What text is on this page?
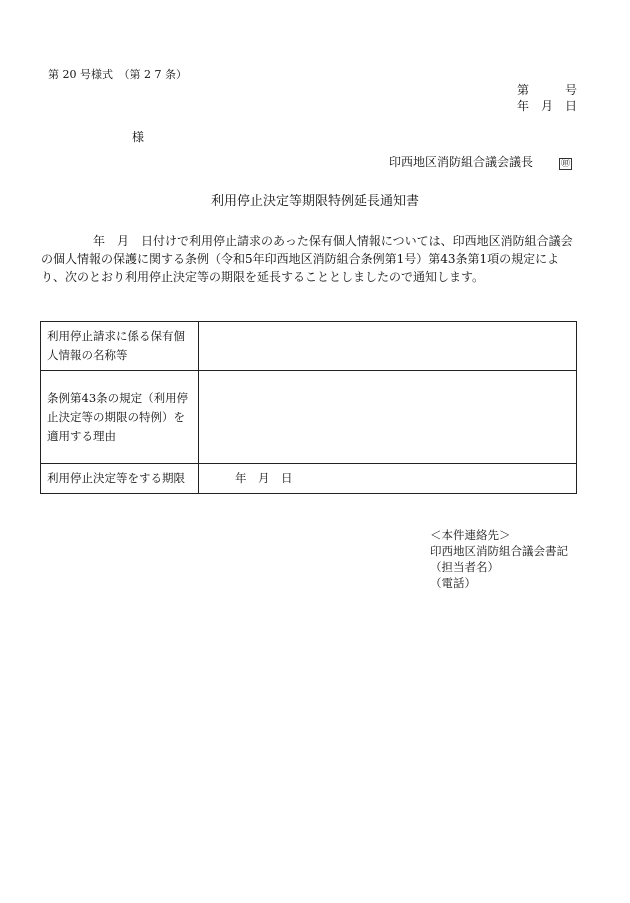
第 20 号様式　（第 2 7 条）
第　　　号
年　月　日
様
印西地区消防組合議会議長	㊞
利用停止決定等期限特例延長通知書
年　月　日付けで利用停止請求のあった保有個人情報については、印西地区消防組合議会の個人情報の保護に関する条例（令和5年印西地区消防組合条例第1号）第43条第1項の規定により、次のとおり利用停止決定等の期限を延長することとしましたので通知します。
利用停止請求に係る保有個人情報の名称等	
条例第43条の規定（利用停止決定等の期限の特例）を適用する理由	
利用停止決定等をする期限	年　月　日
＜本件連絡先＞
印西地区消防組合議会書記
（担当者名）
（電話）
